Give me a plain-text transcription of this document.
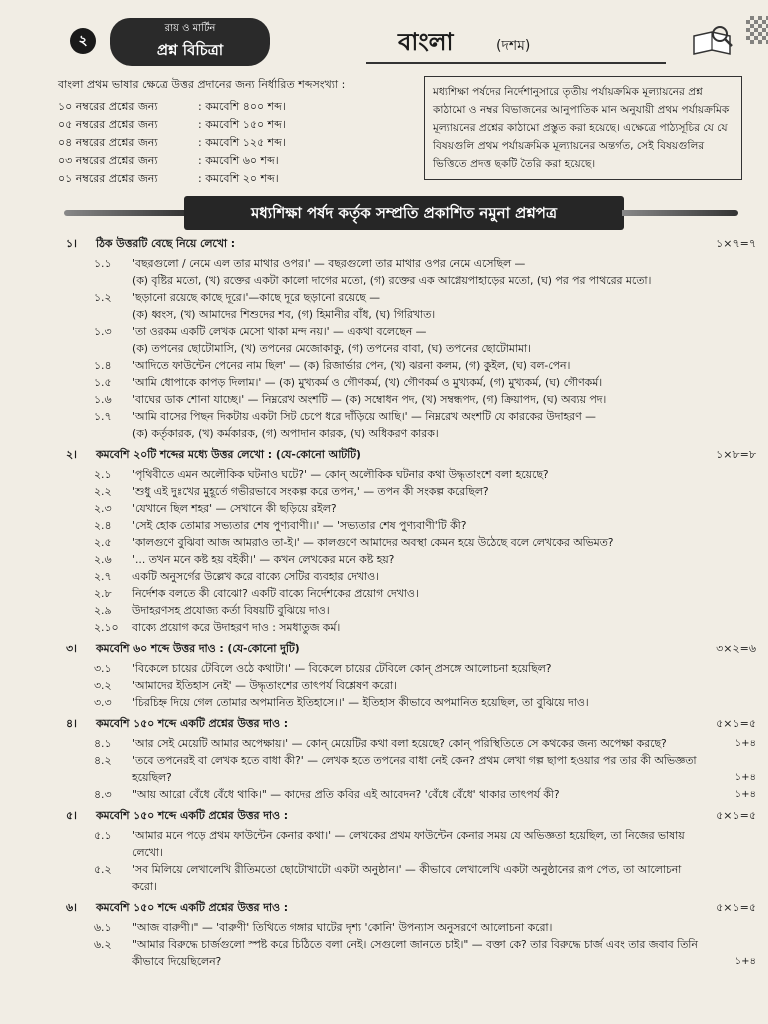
২
রায় ও মার্টিন
প্রশ্ন বিচিত্রা	বাংলা	(দশম)
বাংলা প্রথম ভাষার ক্ষেত্রে উত্তর প্রদানের জন্য নির্ধারিত শব্দসংখ্যা :
১০ নম্বরের প্রশ্নের জন্য	: কমবেশি ৪০০ শব্দ।
০৫ নম্বরের প্রশ্নের জন্য	: কমবেশি ১৫০ শব্দ।
০৪ নম্বরের প্রশ্নের জন্য	: কমবেশি ১২৫ শব্দ।
০৩ নম্বরের প্রশ্নের জন্য	: কমবেশি ৬০ শব্দ।
০১ নম্বরের প্রশ্নের জন্য	: কমবেশি ২০ শব্দ।
মধ্যশিক্ষা পর্ষদের নির্দেশানুসারে তৃতীয় পর্যায়ক্রমিক মূল্যায়নের প্রশ্ন কাঠামো ও নম্বর বিভাজনের আনুপাতিক মান অনুযায়ী প্রথম পর্যায়ক্রমিক মূল্যায়নের প্রশ্নের কাঠামো প্রস্তুত করা হয়েছে। এক্ষেত্রে পাঠ্যসূচির যে যে বিষয়গুলি প্রথম পর্যায়ক্রমিক মূল্যায়নের অন্তর্গত, সেই বিষয়গুলির ভিত্তিতে প্রদত্ত ছকটি তৈরি করা হয়েছে।
মধ্যশিক্ষা পর্ষদ কর্তৃক সম্প্রতি প্রকাশিত নমুনা প্রশ্নপত্র
১।	ঠিক উত্তরটি বেছে নিয়ে লেখো :	১×৭=৭
১.১	'বছরগুলো / নেমে এল তার মাথার ওপর।' — বছরগুলো তার মাথার ওপর নেমে এসেছিল —
(ক) বৃষ্টির মতো, (খ) রক্তের একটা কালো দাগের মতো, (গ) রক্তের এক আগ্নেয়পাহাড়ের মতো, (ঘ) পর পর পাথরের মতো।
১.২	'ছড়ানো রয়েছে কাছে দূরে।'—কাছে দূরে ছড়ানো রয়েছে —
(ক) ধ্বংস, (খ) আমাদের শিশুদের শব, (গ) হিমানীর বাঁধ, (ঘ) গিরিখাত।
১.৩	'তা ওরকম একটি লেখক মেসো থাকা মন্দ নয়।' — একথা বলেছেন —
(ক) তপনের ছোটোমাসি, (খ) তপনের মেজোকাকু, (গ) তপনের বাবা, (ঘ) তপনের ছোটোমামা।
১.৪	'আদিতে ফাউন্টেন পেনের নাম ছিল' — (ক) রিজার্ভার পেন, (খ) ঝরনা কলম, (গ) কুইল, (ঘ) বল-পেন।
১.৫	'আমি ধোপাকে কাপড় দিলাম।' — (ক) মুখ্যকর্ম ও গৌণকর্ম, (খ) গৌণকর্ম ও মুখ্যকর্ম, (গ) মুখ্যকর্ম, (ঘ) গৌণকর্ম।
১.৬	'বাঘের ডাক শোনা যাচ্ছে।' — নিম্নরেখ অংশটি — (ক) সম্বোধন পদ, (খ) সম্বন্ধপদ, (গ) ক্রিয়াপদ, (ঘ) অব্যয় পদ।
১.৭	'আমি বাসের পিছন দিকটায় একটা সিট চেপে ধরে দাঁড়িয়ে আছি।' — নিম্নরেখ অংশটি যে কারকের উদাহরণ —
(ক) কর্তৃকারক, (খ) কর্মকারক, (গ) অপাদান কারক, (ঘ) অধিকরণ কারক।
২।	কমবেশি ২০টি শব্দের মধ্যে উত্তর লেখো : (যে-কোনো আটটি)	১×৮=৮
২.১	'পৃথিবীতে এমন অলৌকিক ঘটনাও ঘটে?' — কোন্ অলৌকিক ঘটনার কথা উদ্ধৃতাংশে বলা হয়েছে?
২.২	'শুধু এই দুঃখের মুহূর্তে গভীরভাবে সংকল্প করে তপন,' — তপন কী সংকল্প করেছিল?
২.৩	'যেখানে ছিল শহর' — সেখানে কী ছড়িয়ে রইল?
২.৪	'সেই হোক তোমার সভ্যতার শেষ পুণ্যবাণী।।' — 'সভ্যতার শেষ পুণ্যবাণী'টি কী?
২.৫	'কালগুণে বুঝিবা আজ আমরাও তা-ই।' — কালগুণে আমাদের অবস্থা কেমন হয়ে উঠেছে বলে লেখকের অভিমত?
২.৬	'... তখন মনে কষ্ট হয় বইকী।' — কখন লেখকের মনে কষ্ট হয়?
২.৭	একটি অনুসর্গের উল্লেখ করে বাক্যে সেটির ব্যবহার দেখাও।
২.৮	নির্দেশক বলতে কী বোঝো? একটি বাক্যে নির্দেশকের প্রয়োগ দেখাও।
২.৯	উদাহরণসহ প্রযোজ্য কর্তা বিষয়টি বুঝিয়ে দাও।
২.১০	বাক্যে প্রয়োগ করে উদাহরণ দাও : সমধাতুজ কর্ম।
৩।	কমবেশি ৬০ শব্দে উত্তর দাও : (যে-কোনো দুটি)	৩×২=৬
৩.১	'বিকেলে চায়ের টেবিলে ওঠে কথাটা।' — বিকেলে চায়ের টেবিলে কোন্ প্রসঙ্গে আলোচনা হয়েছিল?
৩.২	'আমাদের ইতিহাস নেই' — উদ্ধৃতাংশের তাৎপর্য বিশ্লেষণ করো।
৩.৩	'চিরচিহ্ন দিয়ে গেল তোমার অপমানিত ইতিহাসে।।' — ইতিহাস কীভাবে অপমানিত হয়েছিল, তা বুঝিয়ে দাও।
৪।	কমবেশি ১৫০ শব্দে একটি প্রশ্নের উত্তর দাও :	৫×১=৫
৪.১	'আর সেই মেয়েটি আমার অপেক্ষায়।' — কোন্ মেয়েটির কথা বলা হয়েছে? কোন্ পরিস্থিতিতে সে কথকের জন্য অপেক্ষা করছে?	১+৪
৪.২	'তবে তপনেরই বা লেখক হতে বাধা কী?' — লেখক হতে তপনের বাধা নেই কেন? প্রথম লেখা গল্প ছাপা হওয়ার পর তার কী অভিজ্ঞতা
হয়েছিল?	১+৪
৪.৩	"আয় আরো বেঁধে বেঁধে থাকি।" — কাদের প্রতি কবির এই আবেদন? 'বেঁধে বেঁধে' থাকার তাৎপর্য কী?	১+৪
৫।	কমবেশি ১৫০ শব্দে একটি প্রশ্নের উত্তর দাও :	৫×১=৫
৫.১	'আমার মনে পড়ে প্রথম ফাউন্টেন কেনার কথা।' — লেখকের প্রথম ফাউন্টেন কেনার সময় যে অভিজ্ঞতা হয়েছিল, তা নিজের ভাষায়
লেখো।
৫.২	'সব মিলিয়ে লেখালেখি রীতিমতো ছোটোখাটো একটা অনুষ্ঠান।' — কীভাবে লেখালেখি একটা অনুষ্ঠানের রূপ পেত, তা আলোচনা
করো।
৬।	কমবেশি ১৫০ শব্দে একটি প্রশ্নের উত্তর দাও :	৫×১=৫
৬.১	"আজ বারুণী।" — 'বারুণী' তিথিতে গঙ্গার ঘাটের দৃশ্য 'কোনি' উপন্যাস অনুসরণে আলোচনা করো।
৬.২	"আমার বিরুদ্ধে চার্জগুলো স্পষ্ট করে চিঠিতে বলা নেই। সেগুলো জানতে চাই।" — বক্তা কে? তার বিরুদ্ধে চার্জ এবং তার জবাব তিনি
কীভাবে দিয়েছিলেন?	১+৪
